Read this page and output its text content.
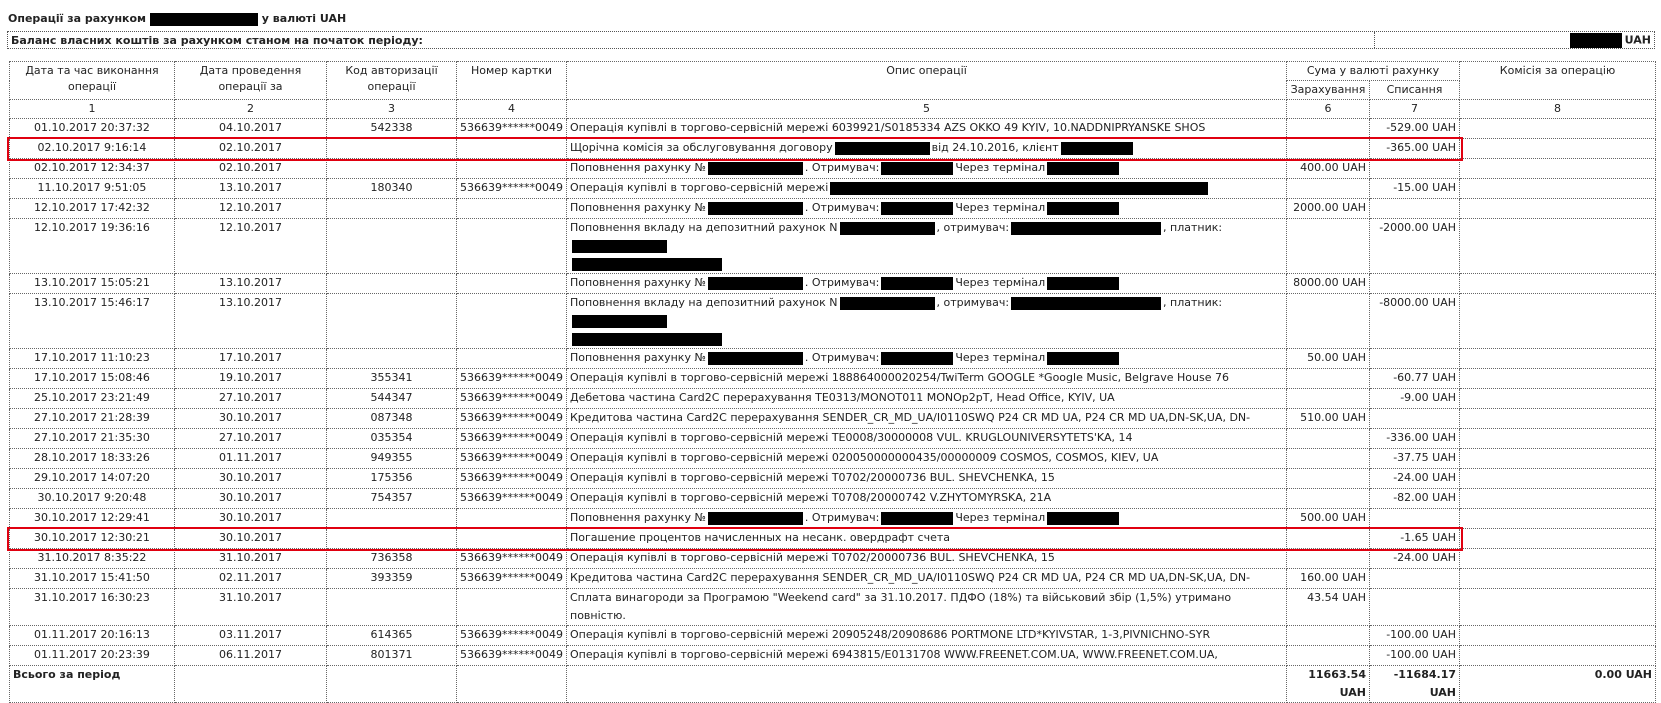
Операції за рахунком	у валюті UAH
Баланс власних коштів за рахунком станом на початок періоду:	UAH
Дата та час виконання операції	Дата проведення операції за	Код авторизації операції	Номер картки	Опис операції	Сума у валюті рахунку		Комісія за операцію
					Зарахування	Списання	
1	2	3	4	5	6	7	8
01.10.2017 20:37:32	04.10.2017	542338	536639******0049	Операція купівлі в торгово-сервісній мережі 6039921/S0185334 AZS OKKO 49 KYIV, 10.NADDNIPRYANSKE SHOS		-529.00 UAH	
02.10.2017 9:16:14	02.10.2017			Щорічна комісія за обслуговування договору від 24.10.2016, клієнт		-365.00 UAH	
02.10.2017 12:34:37	02.10.2017			Поповнення рахунку № . Отримувач: Через термінал	400.00 UAH		
11.10.2017 9:51:05	13.10.2017	180340	536639******0049	Операція купівлі в торгово-сервісній мережі		-15.00 UAH	
12.10.2017 17:42:32	12.10.2017			Поповнення рахунку № . Отримувач: Через термінал	2000.00 UAH		
12.10.2017 19:36:16	12.10.2017			Поповнення вкладу на депозитний рахунок N , отримувач: , платник:		-2000.00 UAH	
13.10.2017 15:05:21	13.10.2017			Поповнення рахунку № . Отримувач: Через термінал	8000.00 UAH		
13.10.2017 15:46:17	13.10.2017			Поповнення вкладу на депозитний рахунок N , отримувач: , платник:		-8000.00 UAH	
17.10.2017 11:10:23	17.10.2017			Поповнення рахунку № . Отримувач: Через термінал	50.00 UAH		
17.10.2017 15:08:46	19.10.2017	355341	536639******0049	Операція купівлі в торгово-сервісній мережі 188864000020254/TwiTerm GOOGLE *Google Music, Belgrave House 76		-60.77 UAH	
25.10.2017 23:21:49	27.10.2017	544347	536639******0049	Дебетова частина Card2C перерахування TE0313/MONOT011 MONOp2pT, Head Office, KYIV, UA		-9.00 UAH	
27.10.2017 21:28:39	30.10.2017	087348	536639******0049	Кредитова частина Card2C перерахування SENDER_CR_MD_UA/I0110SWQ P24 CR MD UA, P24 CR MD UA,DN-SK,UA, DN-	510.00 UAH		
27.10.2017 21:35:30	27.10.2017	035354	536639******0049	Операція купівлі в торгово-сервісній мережі TE0008/30000008 VUL. KRUGLOUNIVERSYTETS'KA, 14		-336.00 UAH	
28.10.2017 18:33:26	01.11.2017	949355	536639******0049	Операція купівлі в торгово-сервісній мережі 020050000000435/00000009 COSMOS, COSMOS, KIEV, UA		-37.75 UAH	
29.10.2017 14:07:20	30.10.2017	175356	536639******0049	Операція купівлі в торгово-сервісній мережі T0702/20000736 BUL. SHEVCHENKA, 15		-24.00 UAH	
30.10.2017 9:20:48	30.10.2017	754357	536639******0049	Операція купівлі в торгово-сервісній мережі T0708/20000742 V.ZHYTOMYRSKA, 21A		-82.00 UAH	
30.10.2017 12:29:41	30.10.2017			Поповнення рахунку № . Отримувач: Через термінал	500.00 UAH		
30.10.2017 12:30:21	30.10.2017			Погашение процентов начисленных на несанк. овердрафт счета		-1.65 UAH	
31.10.2017 8:35:22	31.10.2017	736358	536639******0049	Операція купівлі в торгово-сервісній мережі T0702/20000736 BUL. SHEVCHENKA, 15		-24.00 UAH	
31.10.2017 15:41:50	02.11.2017	393359	536639******0049	Кредитова частина Card2C перерахування SENDER_CR_MD_UA/I0110SWQ P24 CR MD UA, P24 CR MD UA,DN-SK,UA, DN-	160.00 UAH		
31.10.2017 16:30:23	31.10.2017			Сплата винагороди за Програмою "Weekend card" за 31.10.2017. ПДФО (18%) та військовий збір (1,5%) утримано повністю.	43.54 UAH		
01.11.2017 20:16:13	03.11.2017	614365	536639******0049	Операція купівлі в торгово-сервісній мережі 20905248/20908686 PORTMONE LTD*KYIVSTAR, 1-3,PIVNICHNO-SYR		-100.00 UAH	
01.11.2017 20:23:39	06.11.2017	801371	536639******0049	Операція купівлі в торгово-сервісній мережі 6943815/E0131708 WWW.FREENET.COM.UA, WWW.FREENET.COM.UA,		-100.00 UAH	
Всього за період					11663.54 UAH	-11684.17 UAH	0.00 UAH
